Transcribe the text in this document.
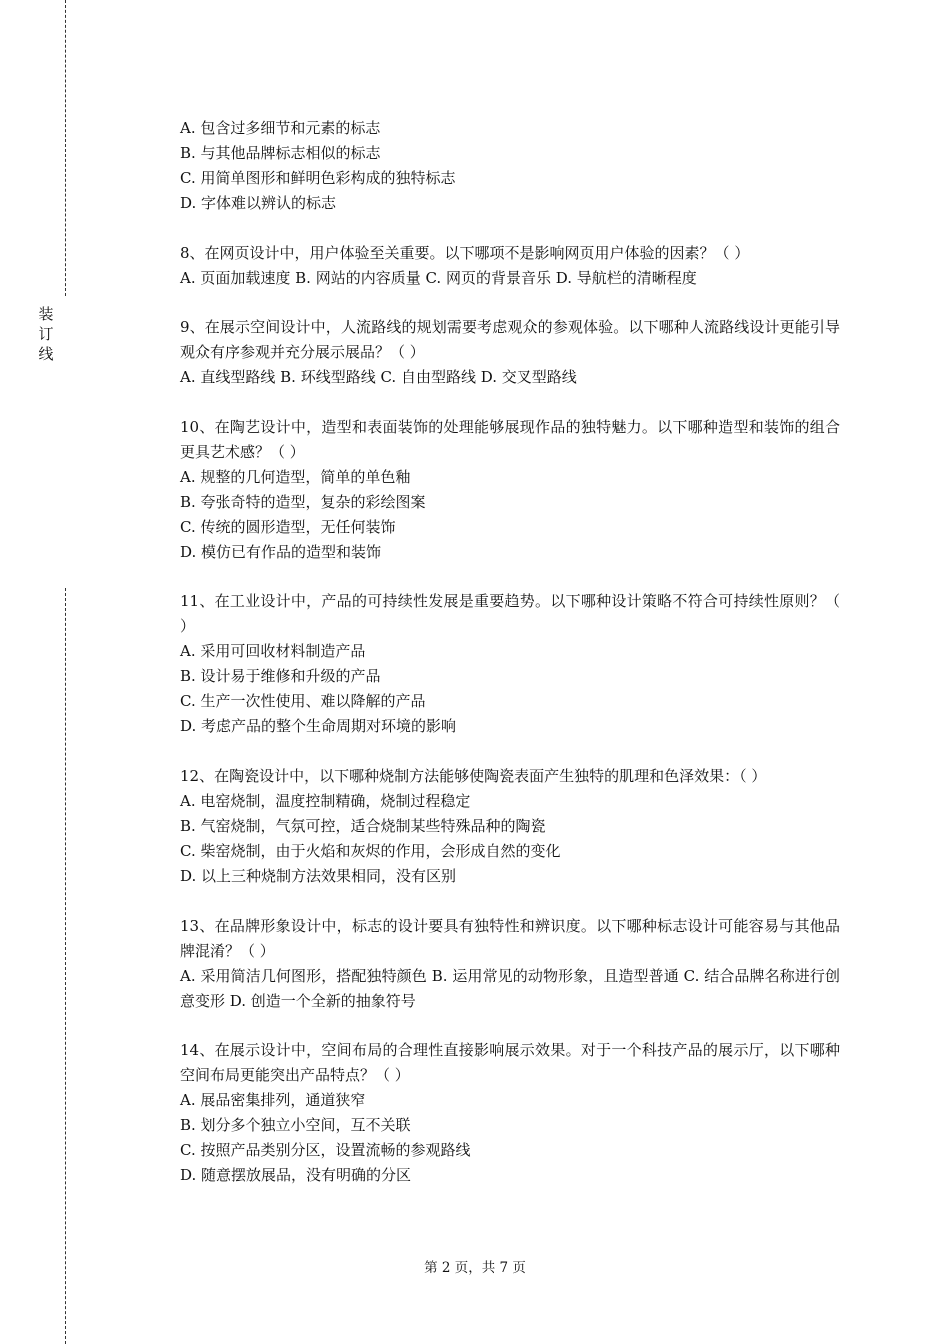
装
订
线

A. 包含过多细节和元素的标志

B. 与其他品牌标志相似的标志

C. 用简单图形和鲜明色彩构成的独特标志

D. 字体难以辨认的标志

8、在网页设计中，用户体验至关重要。以下哪项不是影响网页用户体验的因素？（ ）

A. 页面加载速度 B. 网站的内容质量 C. 网页的背景音乐 D. 导航栏的清晰程度

9、在展示空间设计中，人流路线的规划需要考虑观众的参观体验。以下哪种人流路线设计更能引导观众有序参观并充分展示展品？（ ）

A. 直线型路线 B. 环线型路线 C. 自由型路线 D. 交叉型路线

10、在陶艺设计中，造型和表面装饰的处理能够展现作品的独特魅力。以下哪种造型和装饰的组合更具艺术感？（ ）

A. 规整的几何造型，简单的单色釉

B. 夸张奇特的造型，复杂的彩绘图案

C. 传统的圆形造型，无任何装饰

D. 模仿已有作品的造型和装饰

11、在工业设计中，产品的可持续性发展是重要趋势。以下哪种设计策略不符合可持续性原则？（ ）

A. 采用可回收材料制造产品

B. 设计易于维修和升级的产品

C. 生产一次性使用、难以降解的产品

D. 考虑产品的整个生命周期对环境的影响

12、在陶瓷设计中，以下哪种烧制方法能够使陶瓷表面产生独特的肌理和色泽效果：（ ）

A. 电窑烧制，温度控制精确，烧制过程稳定

B. 气窑烧制，气氛可控，适合烧制某些特殊品种的陶瓷

C. 柴窑烧制，由于火焰和灰烬的作用，会形成自然的变化

D. 以上三种烧制方法效果相同，没有区别

13、在品牌形象设计中，标志的设计要具有独特性和辨识度。以下哪种标志设计可能容易与其他品牌混淆？（ ）

A. 采用简洁几何图形，搭配独特颜色 B. 运用常见的动物形象，且造型普通 C. 结合品牌名称进行创意变形 D. 创造一个全新的抽象符号

14、在展示设计中，空间布局的合理性直接影响展示效果。对于一个科技产品的展示厅，以下哪种空间布局更能突出产品特点？（ ）

A. 展品密集排列，通道狭窄

B. 划分多个独立小空间，互不关联

C. 按照产品类别分区，设置流畅的参观路线

D. 随意摆放展品，没有明确的分区

第 2 页，共 7 页
